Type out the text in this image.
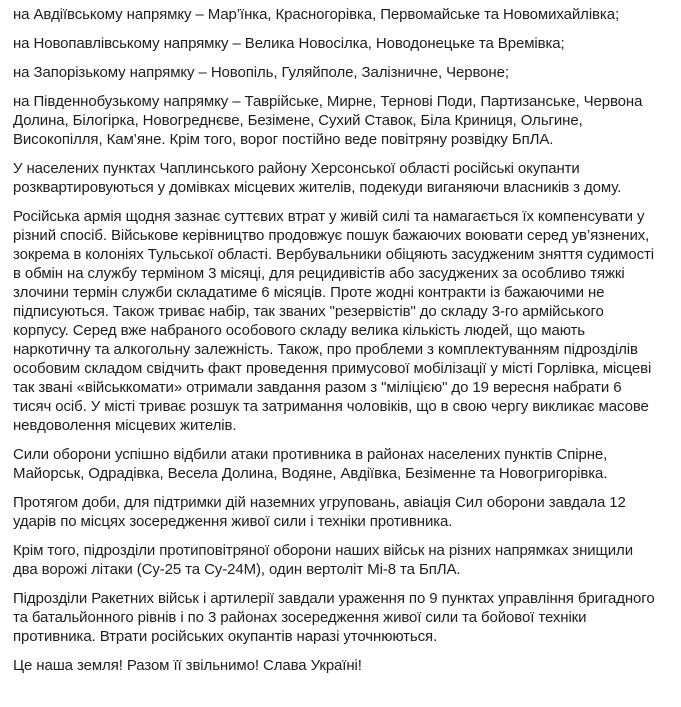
на Авдіївському напрямку – Мар’їнка, Красногорівка, Первомайське та Новомихайлівка;

на Новопавлівському напрямку – Велика Новосілка, Новодонецьке та Времівка;

на Запорізькому напрямку – Новопіль, Гуляйполе, Залізничне, Червоне;

на Південнобузькому напрямку – Таврійське, Мирне, Тернові Поди, Партизанське, Червона Долина, Білогірка, Новогреднєве, Безімене, Сухий Ставок, Біла Криниця, Ольгине, Високопілля, Кам’яне. Крім того, ворог постійно веде повітряну розвідку БпЛА.

У населених пунктах Чаплинського району Херсонської області російські окупанти розквартировуються у домівках місцевих жителів, подекуди виганяючи власників з дому.

Російська армія щодня зазнає суттєвих втрат у живій силі та намагається їх компенсувати у різний спосіб. Військове керівництво продовжує пошук бажаючих воювати серед ув’язнених, зокрема в колоніях Тульської області. Вербувальники обіцяють засудженим зняття судимості в обмін на службу терміном 3 місяці, для рецидивістів або засуджених за особливо тяжкі злочини термін служби складатиме 6 місяців. Проте жодні контракти із бажаючими не підписуються. Також триває набір, так званих "резервістів" до складу 3-го армійського корпусу. Серед вже набраного особового складу велика кількість людей, що мають наркотичну та алкогольну залежність. Також, про проблеми з комплектуванням підрозділів особовим складом свідчить факт проведення примусової мобілізації у місті Горлівка, місцеві так звані «військкомати» отримали завдання разом з "міліцією" до 19 вересня набрати 6 тисяч осіб. У місті триває розшук та затримання чоловіків, що в свою чергу викликає масове невдоволення місцевих жителів.

Сили оборони успішно відбили атаки противника в районах населених пунктів Спірне, Майорськ, Одрадівка, Весела Долина, Водяне, Авдіївка, Безіменне та Новогригорівка.

Протягом доби, для підтримки дій наземних угруповань, авіація Сил оборони завдала 12 ударів по місцях зосередження живої сили і техніки противника.

Крім того, підрозділи протиповітряної оборони наших військ на різних напрямках знищили два ворожі літаки (Су-25 та Су-24М), один вертоліт Мі-8 та БпЛА.

Підрозділи Ракетних військ і артилерії завдали ураження по 9 пунктах управління бригадного та батальйонного рівнів і по 3 районах зосередження живої сили та бойової техніки противника. Втрати російських окупантів наразі уточнюються.

Це наша земля! Разом її звільнимо! Слава Україні!
